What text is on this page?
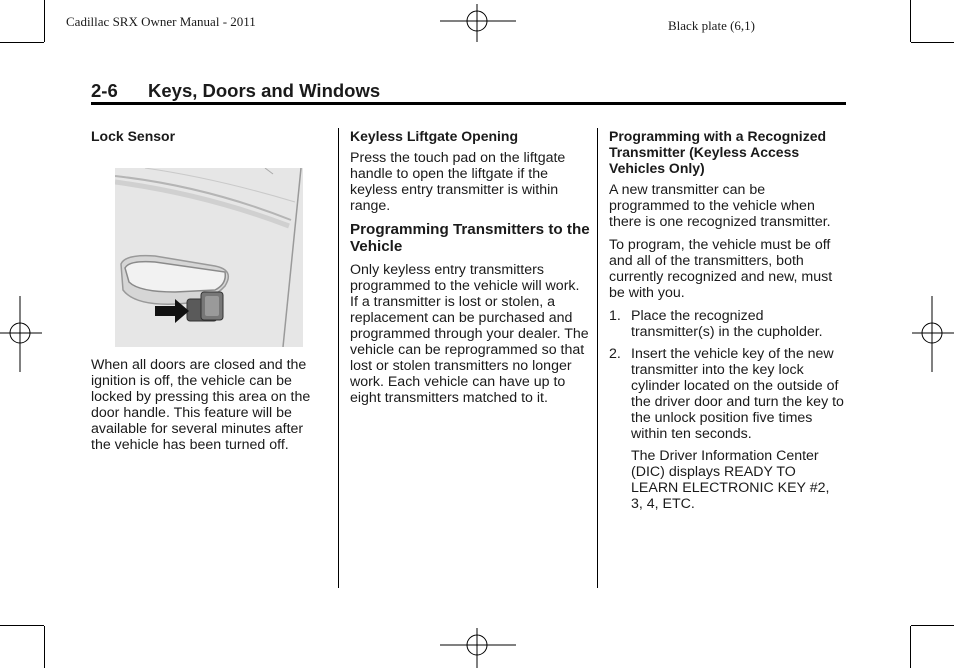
Cadillac SRX Owner Manual - 2011	Black plate (6,1)
2-6 Keys, Doors and Windows
Lock Sensor

When all doors are closed and the ignition is off, the vehicle can be locked by pressing this area on the door handle. This feature will be available for several minutes after the vehicle has been turned off.

Keyless Liftgate Opening

Press the touch pad on the liftgate handle to open the liftgate if the keyless entry transmitter is within range.

Programming Transmitters to the Vehicle

Only keyless entry transmitters programmed to the vehicle will work. If a transmitter is lost or stolen, a replacement can be purchased and programmed through your dealer. The vehicle can be reprogrammed so that lost or stolen transmitters no longer work. Each vehicle can have up to eight transmitters matched to it.

Programming with a Recognized Transmitter (Keyless Access Vehicles Only)

A new transmitter can be programmed to the vehicle when there is one recognized transmitter.

To program, the vehicle must be off and all of the transmitters, both currently recognized and new, must be with you.

1. Place the recognized transmitter(s) in the cupholder.
2. Insert the vehicle key of the new transmitter into the key lock cylinder located on the outside of the driver door and turn the key to the unlock position five times within ten seconds.

The Driver Information Center (DIC) displays READY TO LEARN ELECTRONIC KEY #2, 3, 4, ETC.
